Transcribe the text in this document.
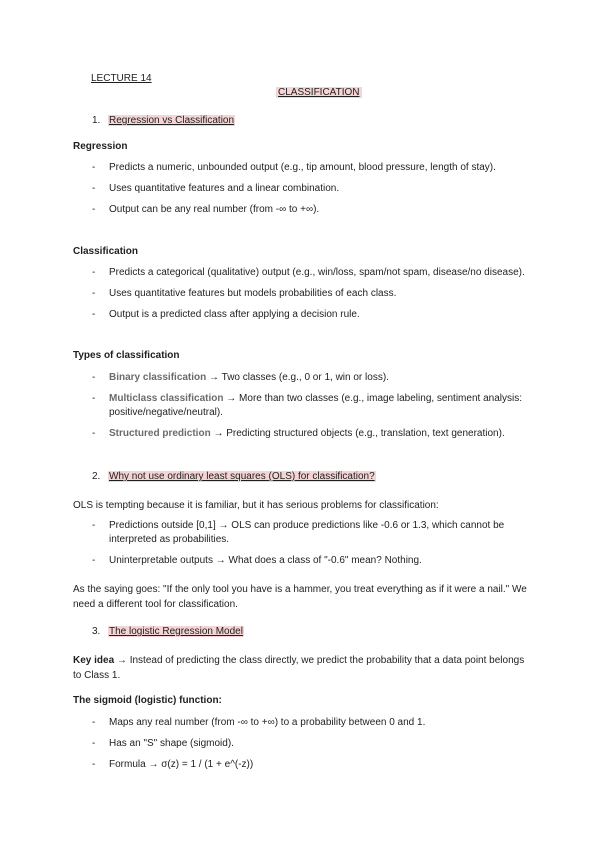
LECTURE 14
CLASSIFICATION
1. Regression vs Classification
Regression
- Predicts a numeric, unbounded output (e.g., tip amount, blood pressure, length of stay).
- Uses quantitative features and a linear combination.
- Output can be any real number (from -∞ to +∞).
Classification
- Predicts a categorical (qualitative) output (e.g., win/loss, spam/not spam, disease/no disease).
- Uses quantitative features but models probabilities of each class.
- Output is a predicted class after applying a decision rule.
Types of classification
- Binary classification → Two classes (e.g., 0 or 1, win or loss).
- Multiclass classification → More than two classes (e.g., image labeling, sentiment analysis: positive/negative/neutral).
- Structured prediction → Predicting structured objects (e.g., translation, text generation).
2. Why not use ordinary least squares (OLS) for classification?
OLS is tempting because it is familiar, but it has serious problems for classification:
- Predictions outside [0,1] → OLS can produce predictions like -0.6 or 1.3, which cannot be interpreted as probabilities.
- Uninterpretable outputs → What does a class of "-0.6" mean? Nothing.
As the saying goes: "If the only tool you have is a hammer, you treat everything as if it were a nail." We need a different tool for classification.
3. The logistic Regression Model
Key idea → Instead of predicting the class directly, we predict the probability that a data point belongs to Class 1.
The sigmoid (logistic) function:
- Maps any real number (from -∞ to +∞) to a probability between 0 and 1.
- Has an "S" shape (sigmoid).
- Formula → σ(z) = 1 / (1 + e^(-z))
